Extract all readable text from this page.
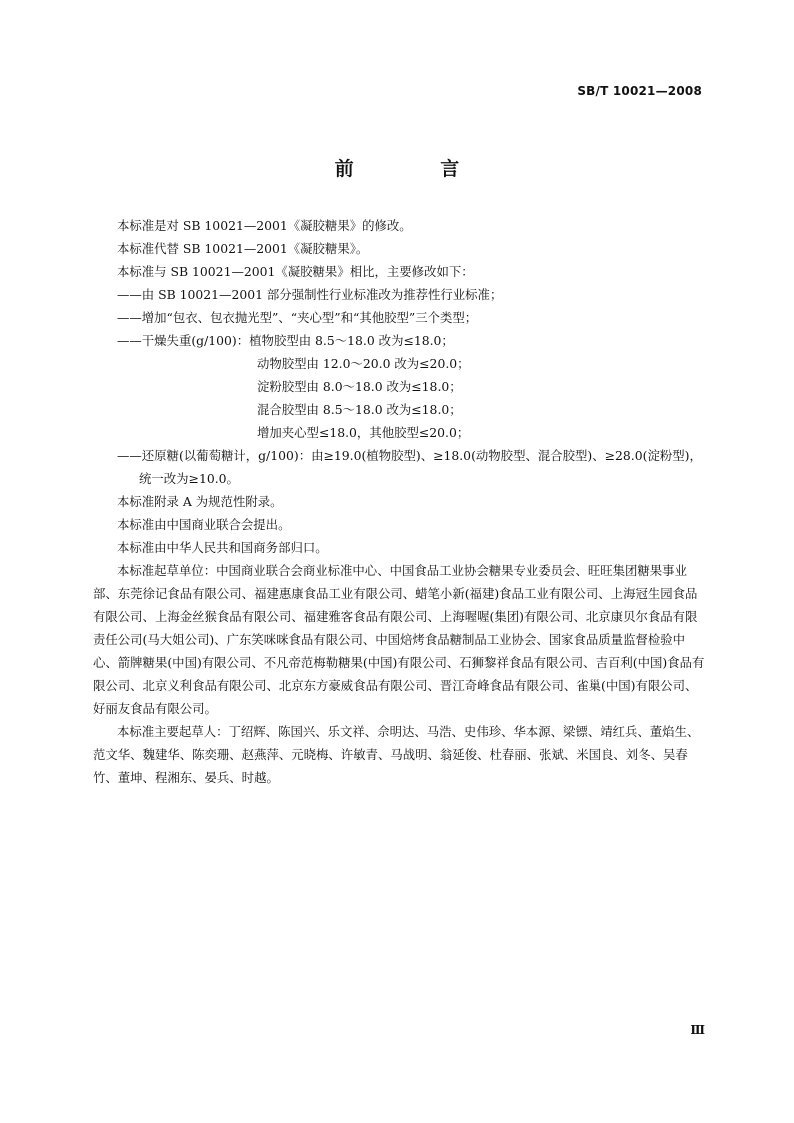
SB/T 10021—2008
前 言

本标准是对 SB 10021—2001《凝胶糖果》的修改。

本标准代替 SB 10021—2001《凝胶糖果》。

本标准与 SB 10021—2001《凝胶糖果》相比，主要修改如下：

——由 SB 10021—2001 部分强制性行业标准改为推荐性行业标准；

——增加“包衣、包衣抛光型”、“夹心型”和“其他胶型”三个类型；

——干燥失重(g/100)：植物胶型由 8.5～18.0 改为≤18.0；

动物胶型由 12.0～20.0 改为≤20.0；

淀粉胶型由 8.0～18.0 改为≤18.0；

混合胶型由 8.5～18.0 改为≤18.0；

增加夹心型≤18.0，其他胶型≤20.0；

——还原糖(以葡萄糖计，g/100)：由≥19.0(植物胶型)、≥18.0(动物胶型、混合胶型)、≥28.0(淀粉型)，统一改为≥10.0。

本标准附录 A 为规范性附录。

本标准由中国商业联合会提出。

本标准由中华人民共和国商务部归口。

本标准起草单位：中国商业联合会商业标准中心、中国食品工业协会糖果专业委员会、旺旺集团糖果事业部、东莞徐记食品有限公司、福建惠康食品工业有限公司、蜡笔小新(福建)食品工业有限公司、上海冠生园食品有限公司、上海金丝猴食品有限公司、福建雅客食品有限公司、上海喔喔(集团)有限公司、北京康贝尔食品有限责任公司(马大姐公司)、广东笑咪咪食品有限公司、中国焙烤食品糖制品工业协会、国家食品质量监督检验中心、箭牌糖果(中国)有限公司、不凡帝范梅勒糖果(中国)有限公司、石狮黎祥食品有限公司、吉百利(中国)食品有限公司、北京义利食品有限公司、北京东方豪威食品有限公司、晋江奇峰食品有限公司、雀巢(中国)有限公司、好丽友食品有限公司。

本标准主要起草人：丁绍辉、陈国兴、乐文祥、佘明达、马浩、史伟珍、华本源、梁镖、靖红兵、董焰生、范文华、魏建华、陈奕珊、赵燕萍、元晓梅、许敏青、马战明、翁延俊、杜春丽、张斌、米国良、刘冬、吴春竹、董坤、程湘东、晏兵、时越。

Ⅲ
